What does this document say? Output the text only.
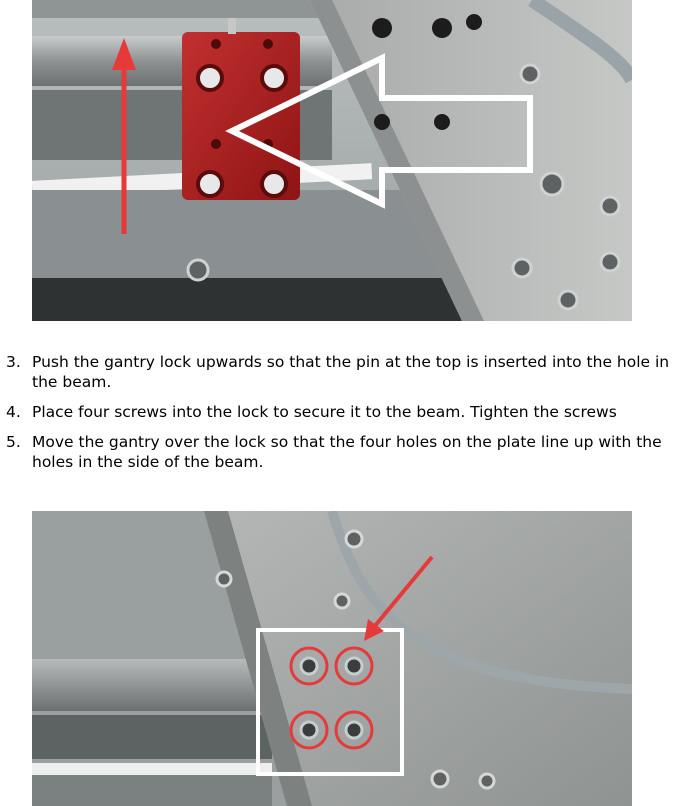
3. Push the gantry lock upwards so that the pin at the top is inserted into the hole in the beam.
4. Place four screws into the lock to secure it to the beam. Tighten the screws
5. Move the gantry over the lock so that the four holes on the plate line up with the holes in the side of the beam.
